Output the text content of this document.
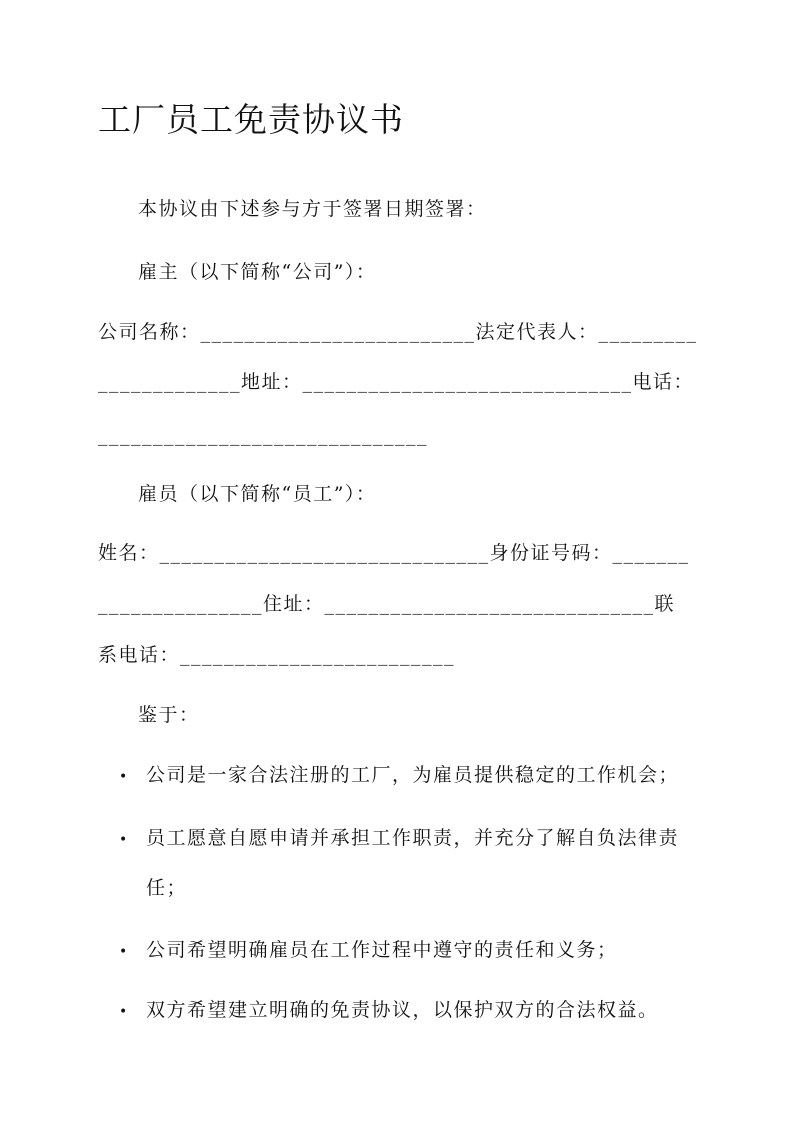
工厂员工免责协议书
本协议由下述参与方于签署日期签署：
雇主（以下简称“公司”）：
公司名称：_________________________法定代表人：_________
_____________地址：______________________________电话：
______________________________
雇员（以下简称“员工”）：
姓名：______________________________身份证号码：_______
_______________住址：______________________________联
系电话：_________________________
鉴于：
• 公司是一家合法注册的工厂，为雇员提供稳定的工作机会；
• 员工愿意自愿申请并承担工作职责，并充分了解自负法律责
任；
• 公司希望明确雇员在工作过程中遵守的责任和义务；
• 双方希望建立明确的免责协议，以保护双方的合法权益。
